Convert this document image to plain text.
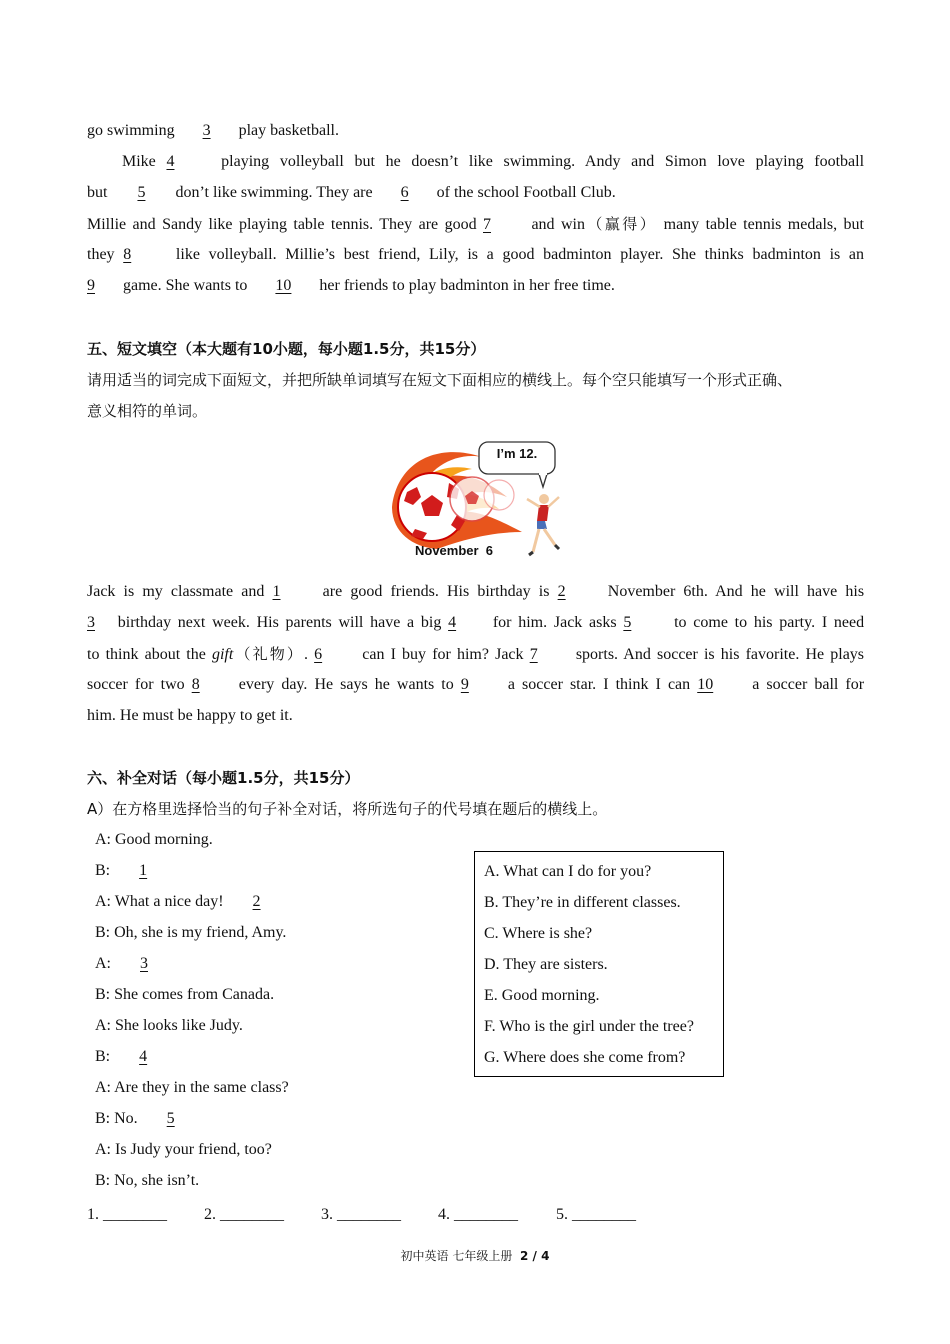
go swimming 3 play basketball.
Mike 4	playing volleyball but he doesn’t like swimming. Andy and Simon love playing football
but 5 don’t like swimming. They are 6 of the school Football Club.
Millie and Sandy like playing table tennis. They are good 7	and win（赢得） many table tennis medals, but
they 8	like volleyball. Millie’s best friend, Lily, is a good badminton player. She thinks badminton is an
9 game. She wants to 10 her friends to play badminton in her free time.
五、短文填空（本大题有10小题，每小题1.5分，共15分）
请用适当的词完成下面短文，并把所缺单词填写在短文下面相应的横线上。每个空只能填写一个形式正确、
意义相符的单词。
I’m 12.
November  6
Jack is my classmate and 1	are good friends. His birthday is 2	November 6th. And he will have his
3 birthday next week. His parents will have a big 4 for him. Jack asks 5	to come to his party. I need
to think about the gift（礼物）. 6	can I buy for him? Jack 7 sports. And soccer is his favorite. He plays
soccer for two 8 every day. He says he wants to 9 a soccer star. I think I can 10 a soccer ball for
him. He must be happy to get it.
六、补全对话（每小题1.5分，共15分）
A）在方格里选择恰当的句子补全对话，将所选句子的代号填在题后的横线上。
A: Good morning.
B: 1
A: What a nice day! 2
B: Oh, she is my friend, Amy.
A: 3
B: She comes from Canada.
A: She looks like Judy.
B: 4
A: Are they in the same class?
B: No. 5
A: Is Judy your friend, too?
B: No, she isn’t.
A. What can I do for you?
B. They’re in different classes.
C. Where is she?
D. They are sisters.
E. Good morning.
F. Who is the girl under the tree?
G. Where does she come from?
1. ________ 2. ________ 3. ________ 4. ________ 5. ________
初中英语 七年级上册 2 / 4
